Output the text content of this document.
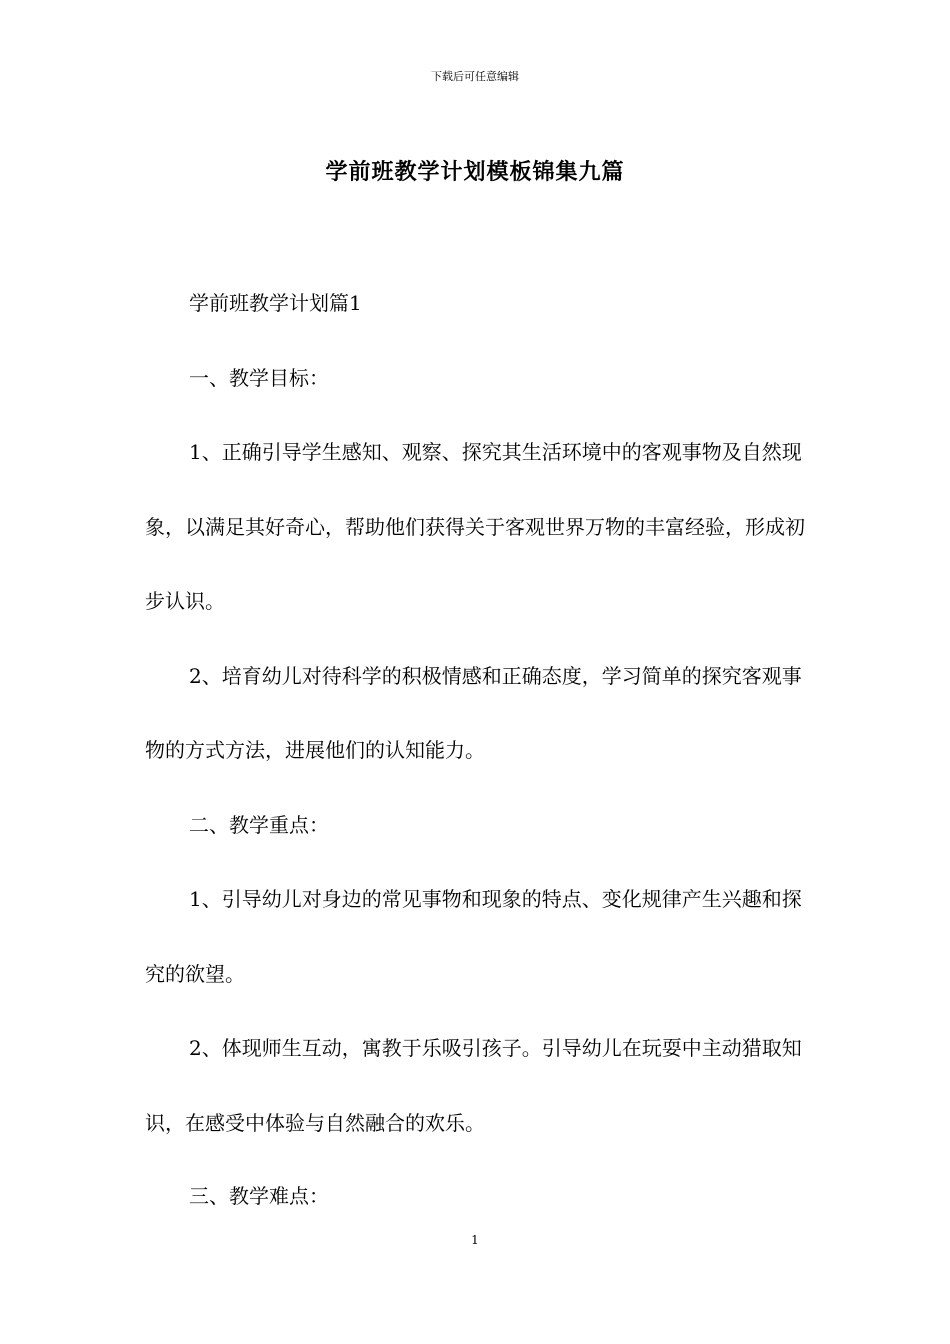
下载后可任意编辑
学前班教学计划模板锦集九篇

学前班教学计划篇1

一、教学目标：

1、正确引导学生感知、观察、探究其生活环境中的客观事物及自然现象，以满足其好奇心，帮助他们获得关于客观世界万物的丰富经验，形成初步认识。

2、培育幼儿对待科学的积极情感和正确态度，学习简单的探究客观事物的方式方法，进展他们的认知能力。

二、教学重点：

1、引导幼儿对身边的常见事物和现象的特点、变化规律产生兴趣和探究的欲望。

2、体现师生互动，寓教于乐吸引孩子。引导幼儿在玩耍中主动猎取知识，在感受中体验与自然融合的欢乐。

三、教学难点：

1
